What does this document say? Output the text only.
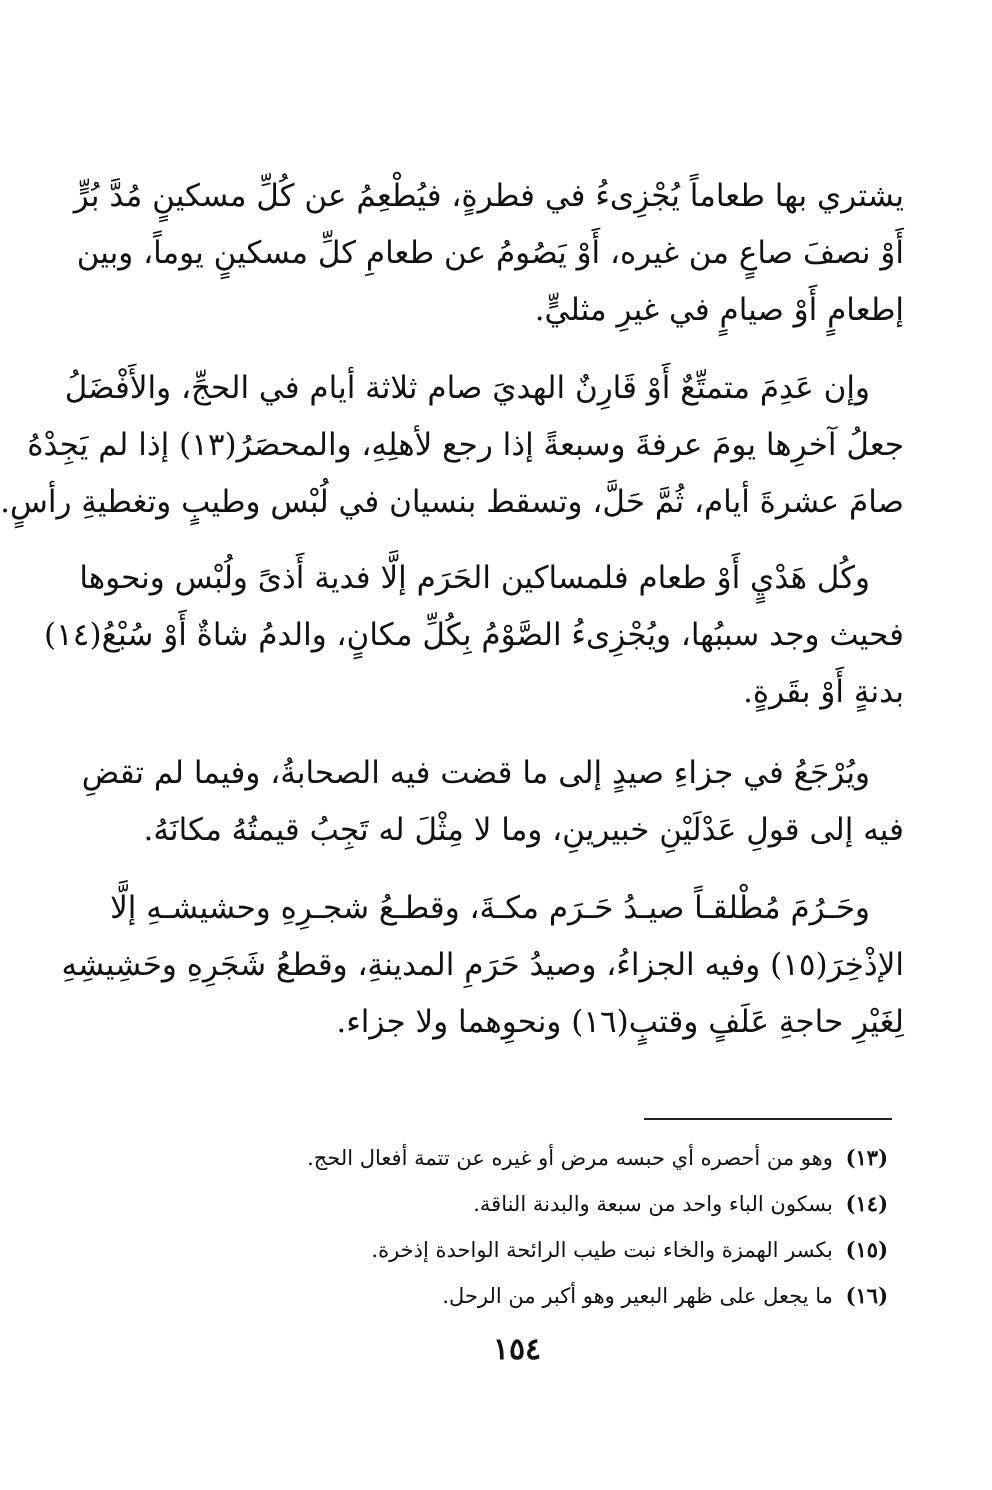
يشتري بها طعاماً يُجْزِىءُ في فطرةٍ، فيُطْعِمُ عن كُلِّ مسكينٍ مُدَّ بُرٍّ
أَوْ نصفَ صاعٍ من غيره، أَوْ يَصُومُ عن طعامِ كلِّ مسكينٍ يوماً، وبين
إطعامٍ أَوْ صيامٍ في غيرِ مثليٍّ.
وإن عَدِمَ متمتِّعٌ أَوْ قَارِنٌ الهديَ صام ثلاثة أيام في الحجِّ، والأَفْضَلُ
جعلُ آخرِها يومَ عرفةَ وسبعةً إذا رجع لأهلِهِ، والمحصَرُ(١٣) إذا لم يَجِدْهُ
صامَ عشرةَ أيام، ثُمَّ حَلَّ، وتسقط بنسيان في لُبْس وطيبٍ وتغطيةِ رأسٍ.
وكُل هَدْيٍ أَوْ طعام فلمساكين الحَرَم إلَّا فدية أَذىً ولُبْس ونحوها
فحيث وجد سببُها، ويُجْزِىءُ الصَّوْمُ بِكُلِّ مكانٍ، والدمُ شاةٌ أَوْ سُبْعُ(١٤)
بدنةٍ أَوْ بقَرةٍ.
ويُرْجَعُ في جزاءِ صيدٍ إلى ما قضت فيه الصحابةُ، وفيما لم تقضِ
فيه إلى قولِ عَدْلَيْنِ خبيرينِ، وما لا مِثْلَ له تَجِبُ قيمتُهُ مكانَهُ.
وحَـرُمَ مُطْلقـاً صيـدُ حَـرَم مكـةَ، وقطـعُ شجـرِهِ وحشيشـهِ إلَّا
الإذْخِرَ(١٥) وفيه الجزاءُ، وصيدُ حَرَمِ المدينةِ، وقطعُ شَجَرِهِ وحَشِيشِهِ
لِغَيْرِ حاجةِ عَلَفٍ وقتبٍ(١٦) ونحوِهما ولا جزاء.
(١٣) وهو من أحصره أي حبسه مرض أو غيره عن تتمة أفعال الحج.
(١٤) بسكون الباء واحد من سبعة والبدنة الناقة.
(١٥) بكسر الهمزة والخاء نبت طيب الرائحة الواحدة إذخرة.
(١٦) ما يجعل على ظهر البعير وهو أكبر من الرحل.
١٥٤
